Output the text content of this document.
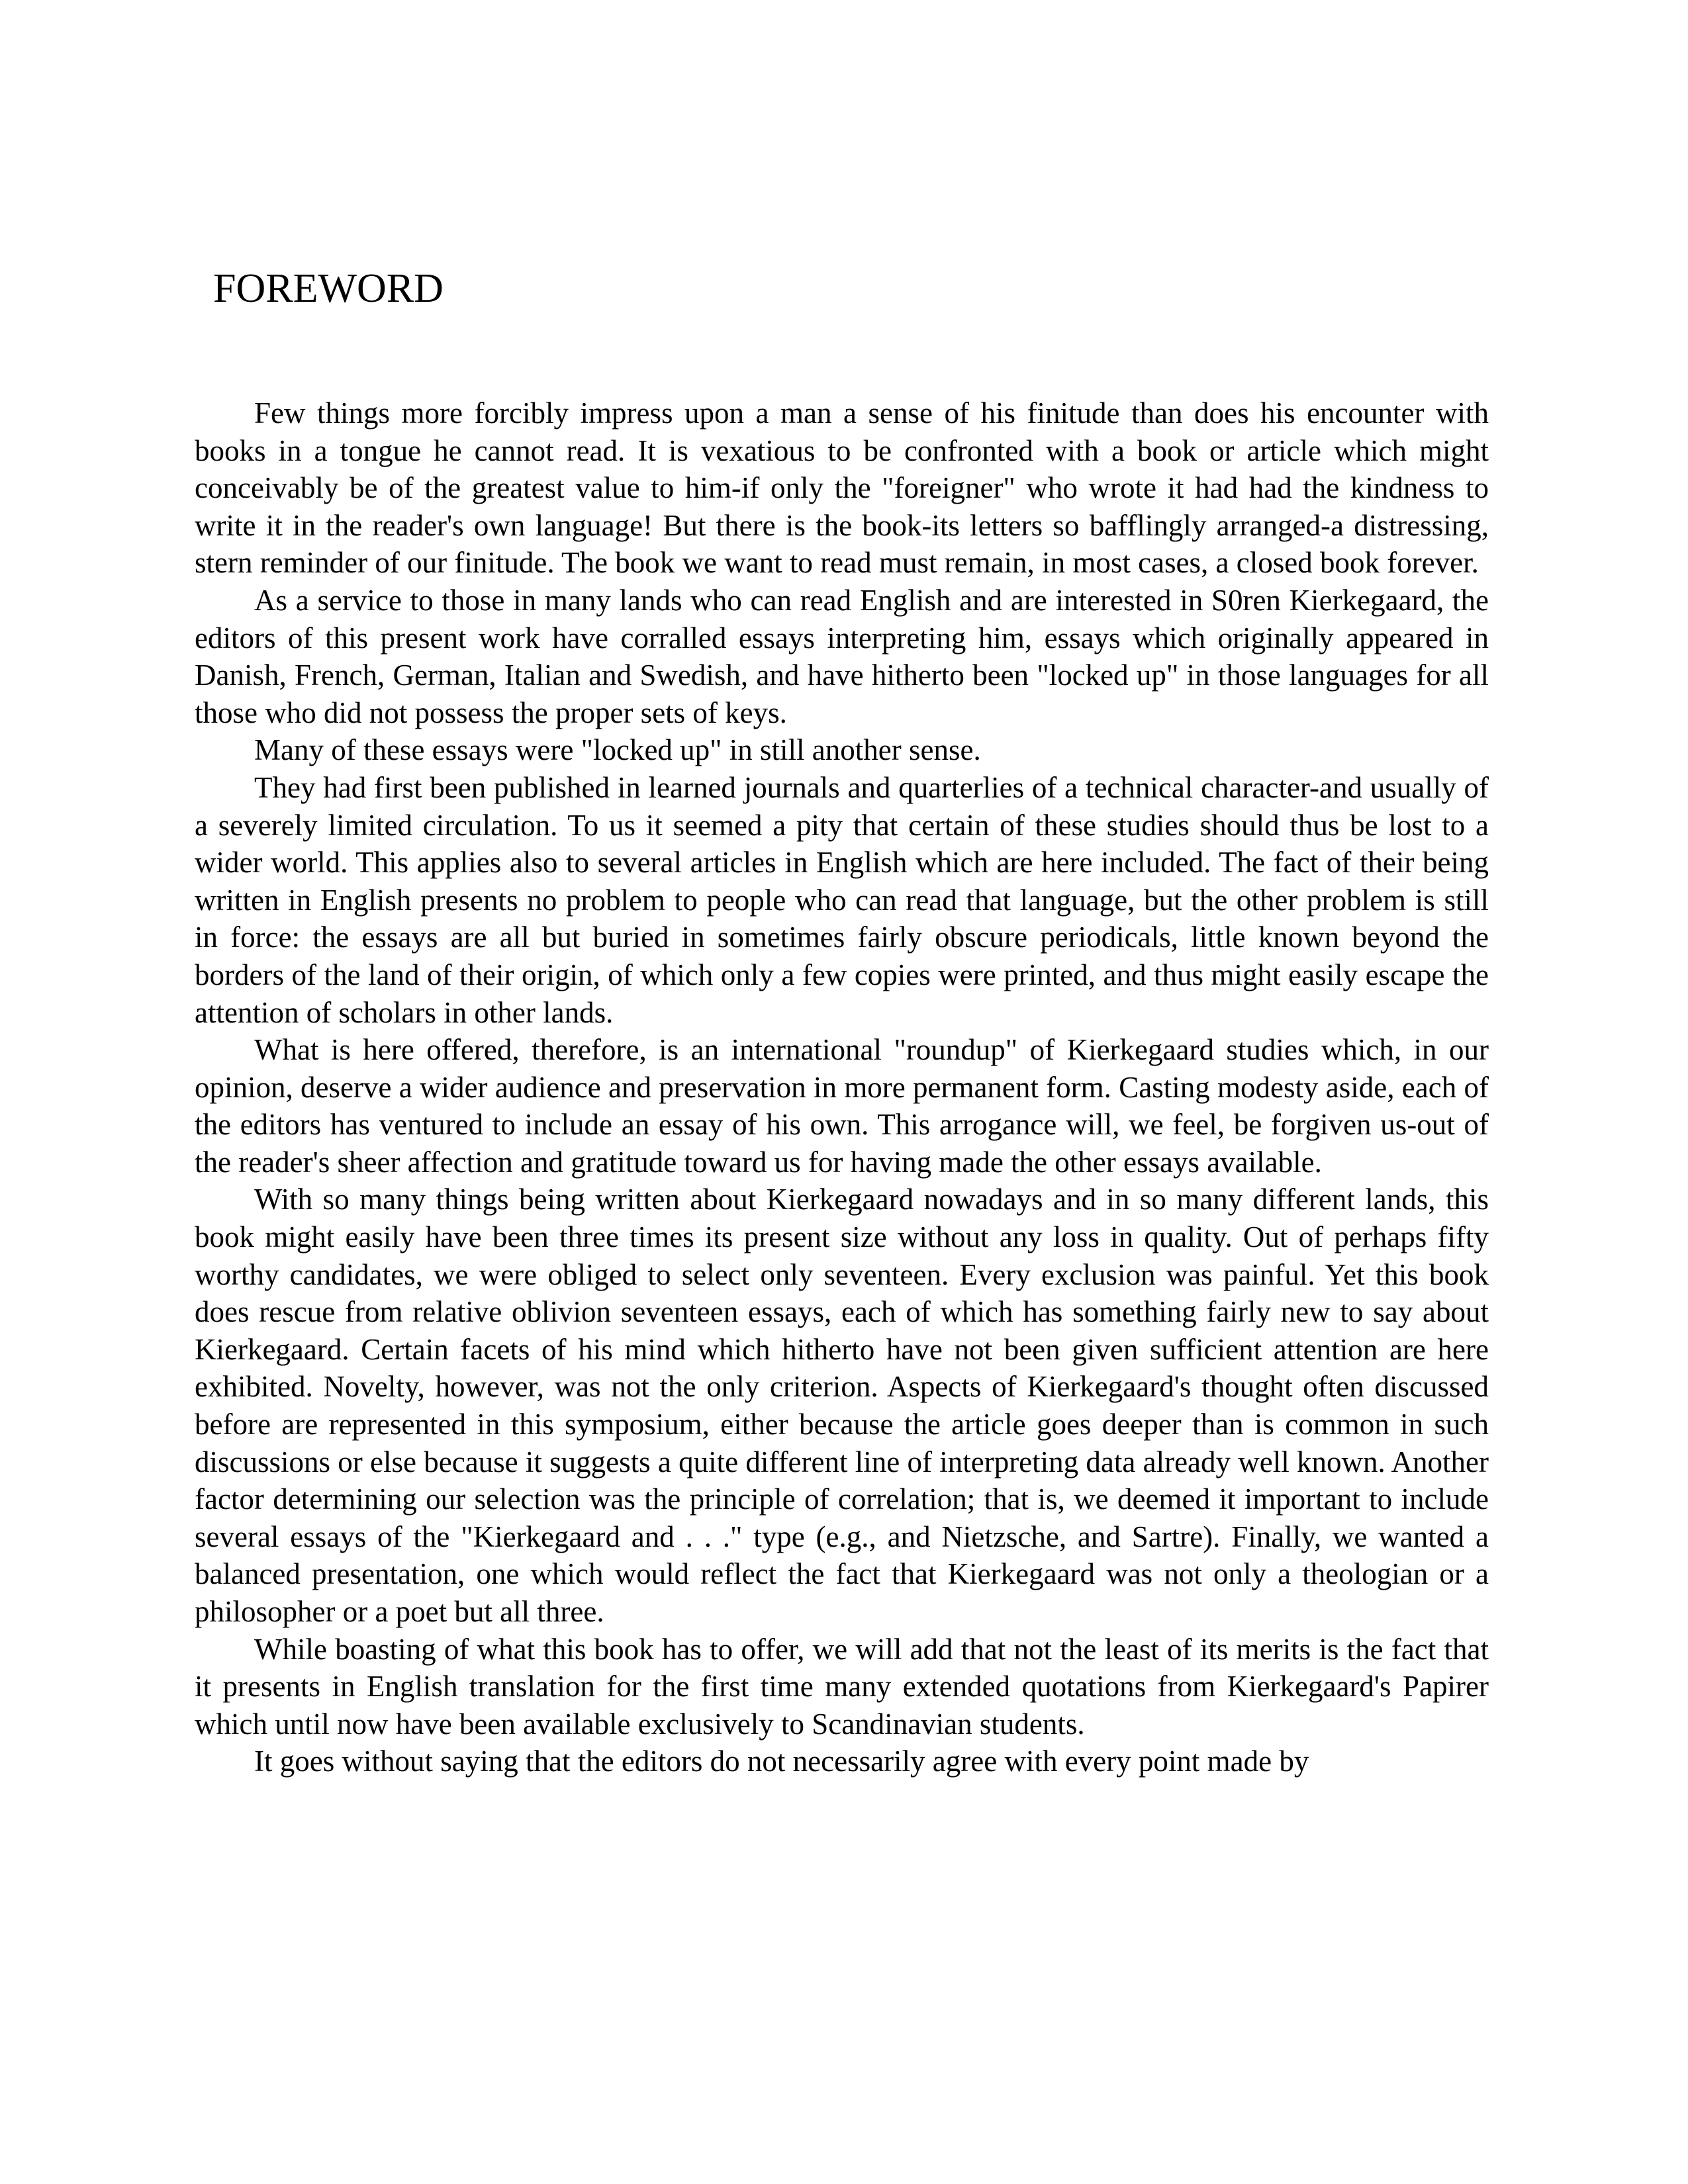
FOREWORD

Few things more forcibly impress upon a man a sense of his finitude than does his encounter with books in a tongue he cannot read. It is vexatious to be confronted with a book or article which might conceivably be of the greatest value to him-if only the "foreigner" who wrote it had had the kindness to write it in the reader's own language! But there is the book-its letters so bafflingly arranged-a distressing, stern reminder of our finitude. The book we want to read must remain, in most cases, a closed book forever.

As a service to those in many lands who can read English and are interested in S0ren Kierkegaard, the editors of this present work have corralled essays interpreting him, essays which originally appeared in Danish, French, German, Italian and Swedish, and have hitherto been "locked up" in those languages for all those who did not possess the proper sets of keys.

Many of these essays were "locked up" in still another sense.

They had first been published in learned journals and quarterlies of a technical character-and usually of a severely limited circulation. To us it seemed a pity that certain of these studies should thus be lost to a wider world. This applies also to several articles in English which are here included. The fact of their being written in English presents no problem to people who can read that language, but the other problem is still in force: the essays are all but buried in sometimes fairly obscure periodicals, little known beyond the borders of the land of their origin, of which only a few copies were printed, and thus might easily escape the attention of scholars in other lands.

What is here offered, therefore, is an international "roundup" of Kierkegaard studies which, in our opinion, deserve a wider audience and preservation in more permanent form. Casting modesty aside, each of the editors has ventured to include an essay of his own. This arrogance will, we feel, be forgiven us-out of the reader's sheer affection and gratitude toward us for having made the other essays available.

With so many things being written about Kierkegaard nowadays and in so many different lands, this book might easily have been three times its present size without any loss in quality. Out of perhaps fifty worthy candidates, we were obliged to select only seventeen. Every exclusion was painful. Yet this book does rescue from relative oblivion seventeen essays, each of which has something fairly new to say about Kierkegaard. Certain facets of his mind which hitherto have not been given sufficient attention are here exhibited. Novelty, however, was not the only criterion. Aspects of Kierkegaard's thought often discussed before are represented in this symposium, either because the article goes deeper than is common in such discussions or else because it suggests a quite different line of interpreting data already well known. Another factor determining our selection was the principle of correlation; that is, we deemed it important to include several essays of the "Kierkegaard and . . ." type (e.g., and Nietzsche, and Sartre). Finally, we wanted a balanced presentation, one which would reflect the fact that Kierkegaard was not only a theologian or a philosopher or a poet but all three.

While boasting of what this book has to offer, we will add that not the least of its merits is the fact that it presents in English translation for the first time many extended quotations from Kierkegaard's Papirer which until now have been available exclusively to Scandinavian students.

It goes without saying that the editors do not necessarily agree with every point made by
